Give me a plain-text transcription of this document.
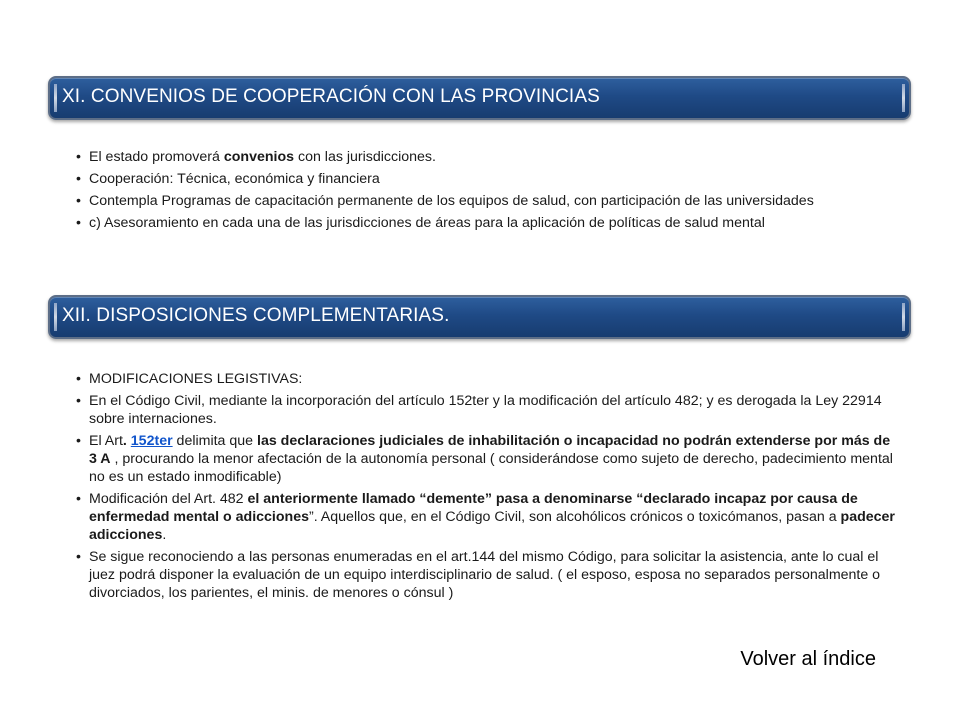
XI. CONVENIOS DE COOPERACIÓN CON LAS PROVINCIAS
• El estado promoverá convenios con las jurisdicciones.
• Cooperación: Técnica, económica y financiera
• Contempla Programas de capacitación permanente de los equipos de salud, con participación de las universidades
• c) Asesoramiento en cada una de las jurisdicciones de áreas para la aplicación de políticas de salud mental
XII. DISPOSICIONES COMPLEMENTARIAS.
• MODIFICACIONES LEGISTIVAS:
• En el Código Civil, mediante la incorporación del artículo 152ter y la modificación del artículo 482; y es derogada la Ley 22914 sobre internaciones.
• El Art. 152ter delimita que las declaraciones judiciales de inhabilitación o incapacidad no podrán extenderse por más de 3 A , procurando la menor afectación de la autonomía personal ( considerándose como sujeto de derecho, padecimiento mental no es un estado inmodificable)
• Modificación del Art. 482 el anteriormente llamado “demente” pasa a denominarse “declarado incapaz por causa de enfermedad mental o adicciones”. Aquellos que, en el Código Civil, son alcohólicos crónicos o toxicómanos, pasan a padecer adicciones.
• Se sigue reconociendo a las personas enumeradas en el art.144 del mismo Código, para solicitar la asistencia, ante lo cual el juez podrá disponer la evaluación de un equipo interdisciplinario de salud. ( el esposo, esposa no separados personalmente o divorciados, los parientes, el minis. de menores o cónsul )
Volver al índice
